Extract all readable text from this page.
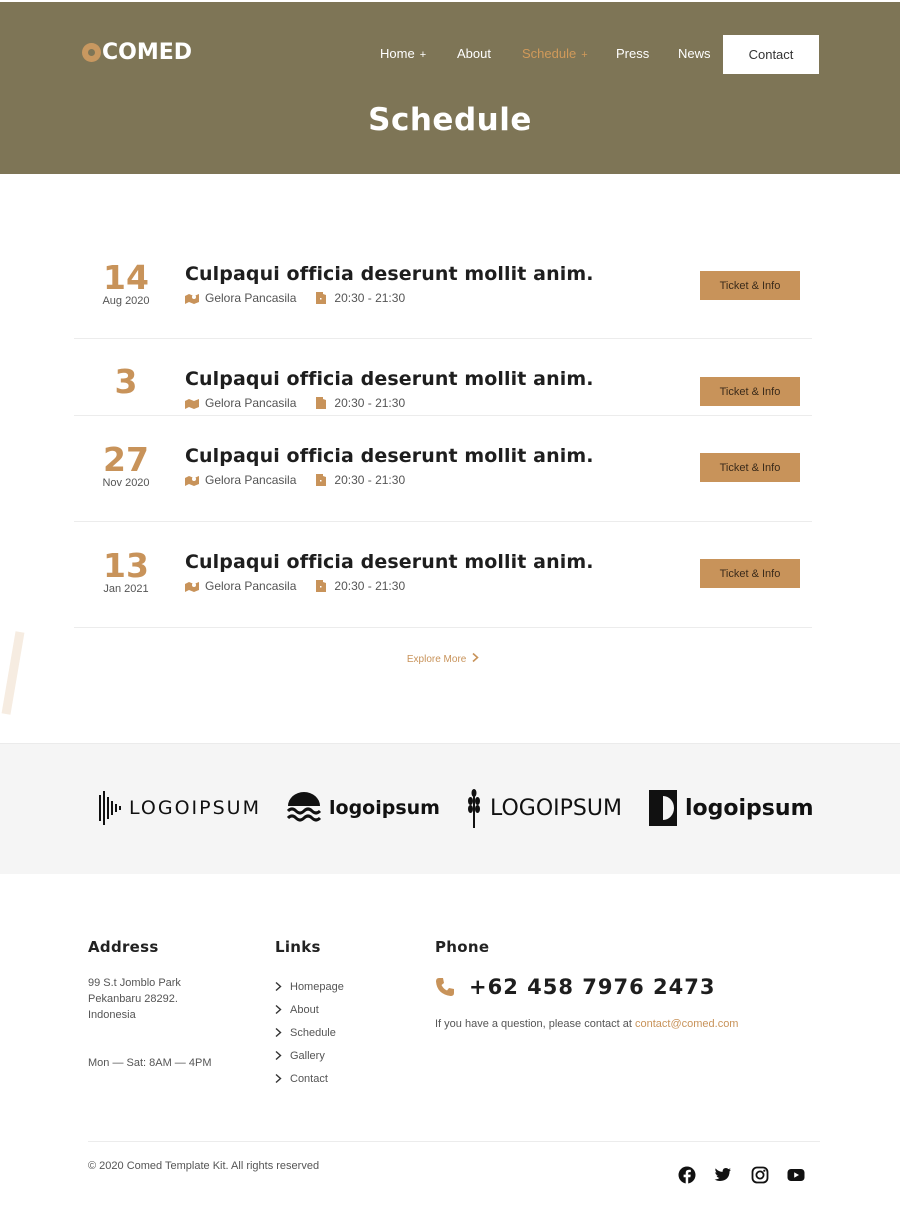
COMED	Home + About Schedule + Press News	Contact
Schedule
14
Aug 2020
Culpaqui officia deserunt mollit anim.
Gelora Pancasila	20:30 - 21:30
Ticket & Info
3	Culpaqui officia deserunt mollit anim.
Gelora Pancasila	20:30 - 21:30
Ticket & Info
27
Nov 2020
Culpaqui officia deserunt mollit anim.
Gelora Pancasila	20:30 - 21:30
Ticket & Info
13
Jan 2021
Culpaqui officia deserunt mollit anim.
Gelora Pancasila	20:30 - 21:30
Ticket & Info
Explore More
LOGOIPSUM	logoipsum LOGOIPSUM	logoipsum
Address
99 S.t Jomblo Park
Pekanbaru 28292.
Indonesia
Mon — Sat: 8AM — 4PM
Links
Homepage
About
Schedule
Gallery
Contact
Phone
+62 458 7976 2473
If you have a question, please contact at contact@comed.com
© 2020 Comed Template Kit. All rights reserved
